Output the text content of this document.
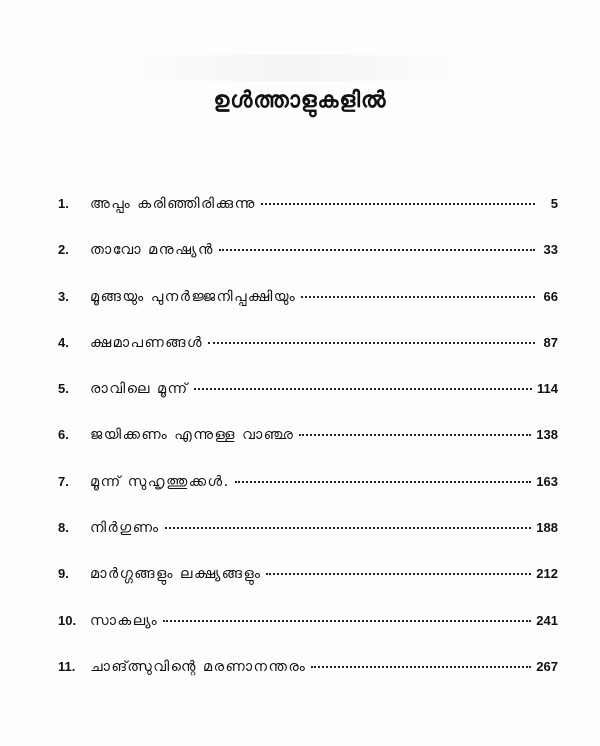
ഉൾത്താളുകളിൽ
1.	അപ്പം കരിഞ്ഞിരിക്കുന്നു	5
2.	താവോ മനുഷ്യൻ	33
3.	മൂങ്ങയും പുനർജ്ജനിപ്പക്ഷിയും	66
4.	ക്ഷമാപണങ്ങൾ	87
5.	രാവിലെ മൂന്ന്	114
6.	ജയിക്കണം എന്നുള്ള വാഞ്ഛ	138
7.	മൂന്ന് സുഹൃത്തുക്കൾ.	163
8.	നിർഗുണം	188
9.	മാർഗ്ഗങ്ങളും ലക്ഷ്യങ്ങളും	212
10. സാകല്യം	241
11.	ചാങ്ത്സുവിന്റെ മരണാനന്തരം	267
